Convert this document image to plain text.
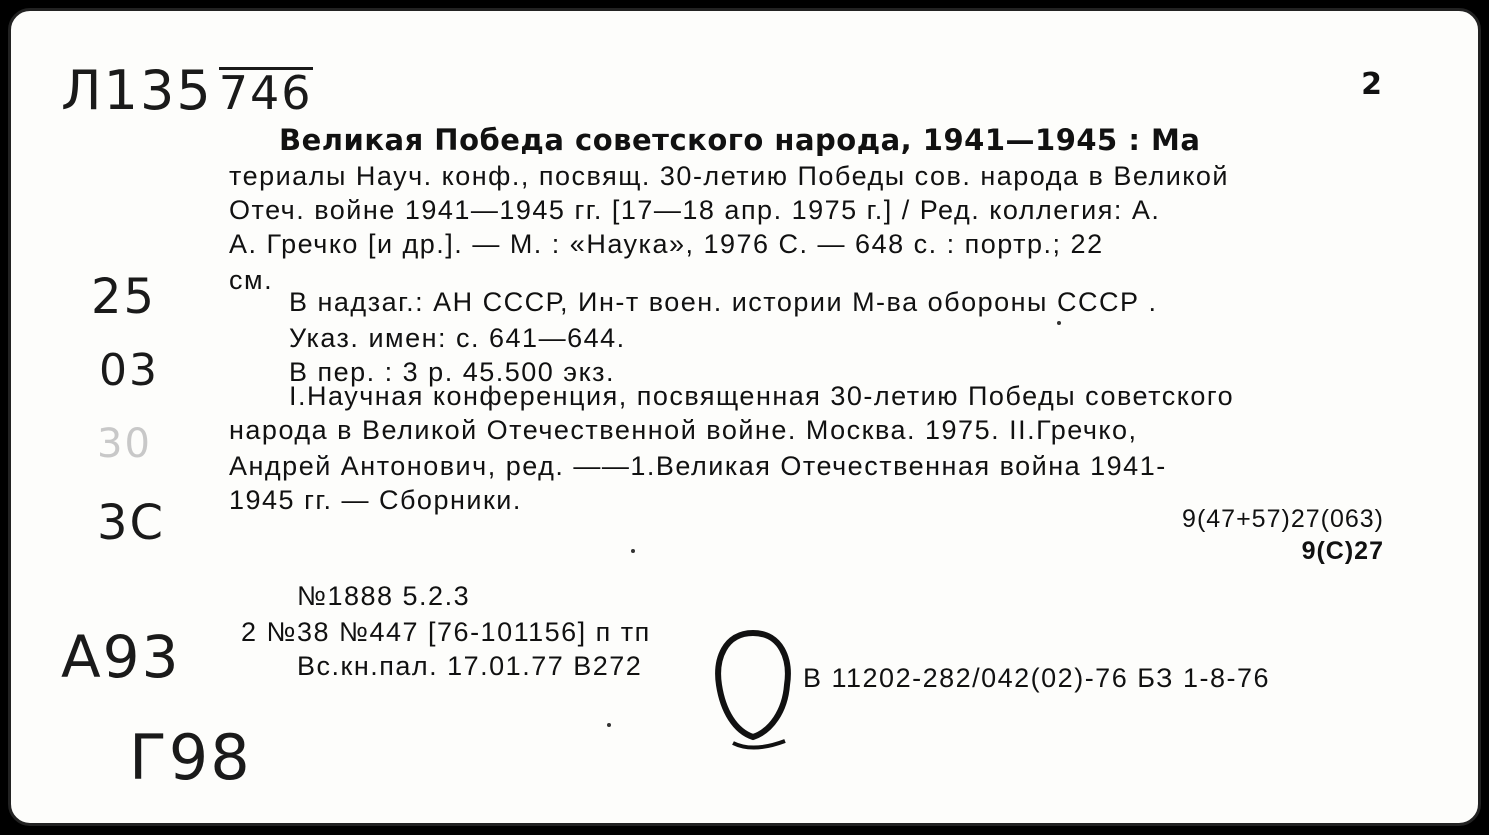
Л135 746	2
Великая Победа советского народа, 1941—1945 : Ма
териалы Науч. конф., посвящ. 30-летию Победы сов. народа в Великой
Отеч. войне 1941—1945 гг. [17—18 апр. 1975 г.] / Ред. коллегия: А.
А. Гречко [и др.]. — М. : «Наука», 1976 С. — 648 с. : портр.; 22
см.
В надзаг.: АН СССР, Ин-т воен. истории М-ва обороны СССР .
Указ. имен: с. 641—644.
В пер. : 3 р. 45.500 экз.
I.Научная конференция, посвященная 30-летию Победы советского
народа в Великой Отечественной войне. Москва. 1975. II.Гречко,
Андрей Антонович, ред. ——1.Великая Отечественная война 1941-
1945 гг. — Сборники.
9(47+57)27(063)
9(С)27
№1888 5.2.3
2 №38 №447 [76-101156] п тп
Вс.кн.пал. 17.01.77 В272	В 11202-282/042(02)-76 БЗ 1-8-76
25
03
30
3С
А93
Г98
